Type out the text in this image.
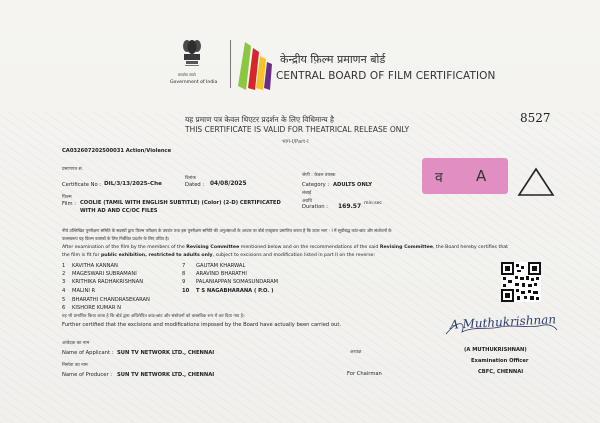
सत्यमेव जयते
Government of India
केन्द्रीय फ़िल्म प्रमाणन बोर्ड
CENTRAL BOARD OF FILM CERTIFICATION
यह प्रमाण पत्र केवल थिएटर प्रदर्शन के लिए विधिमान्य है
THIS CERTIFICATE IS VALID FOR THEATRICAL RELEASE ONLY
भाग-I/Part-I
8527
CA032607202500031 Action/Violence
प्रमाणपत्र सं.
Certificate No : DIL/3/13/2025-Che
दिनांक
Dated : 04/08/2025
फ़िल्म
Film : COOLIE (TAMIL WITH ENGLISH SUBTITLE) (Color) (2-D) CERTIFICATED
WITH AD AND CC/OC FILES
श्रेणी : केवल वयस्क
Category : ADULTS ONLY
लंबाई
अवधि
Duration : 169.57 min:sec
व A
नीचे उल्लिखित पुनरीक्षण समिति के सदस्यों द्वारा फ़िल्म परीक्षण के उपरांत तथा इस पुनरीक्षण समिति की अनुशंसाओं के आधार पर बोर्ड एतद्द्वारा प्रमाणित करता है कि ऊपर भाग - I में सूचीबद्ध कांट-छांट और संशोधनों के
फलस्वरूप यह फ़िल्म वयस्कों के लिए निर्बंधित प्रदर्शन के लिए उचित है।
After examination of the film by the members of the Revising Committee mentioned below and on the recommendations of the said Revising Committee, the Board hereby certifies that
the film is fit for public exhibition, restricted to adults only, subject to excisions and modification listed in part II on the reverse:
1 KAVITHA KANNAN
2 MAGESWARI SUBRAMANI
3 KRITHIKA RADHAKRISHNAN
4 MALINI R
5 BHARATHI CHANDRASEKARAN
6 KISHORE KUMAR N
7 GAUTAM KHARWAL
8 ARAVIND BHARATHI
9 PALANIAPPAN SOMASUNDARAM
10 T S NAGABHARANA ( P.O. )
यह भी प्रमाणित किया जाता है कि बोर्ड द्वारा अधिरोपित कांट-छांट और संशोधनों को वास्तविक रूप में कर दिया गया है।
Further certified that the excisions and modifications imposed by the Board have actually been carried out.
आवेदक का नाम
Name of Applicant : SUN TV NETWORK LTD., CHENNAI
निर्माता का नाम
Name of Producer : SUN TV NETWORK LTD., CHENNAI
अध्यक्ष
For Chairman
A Muthukrishnan
(A MUTHUKRISHNAN)
Examination Officer
CBFC, CHENNAI
